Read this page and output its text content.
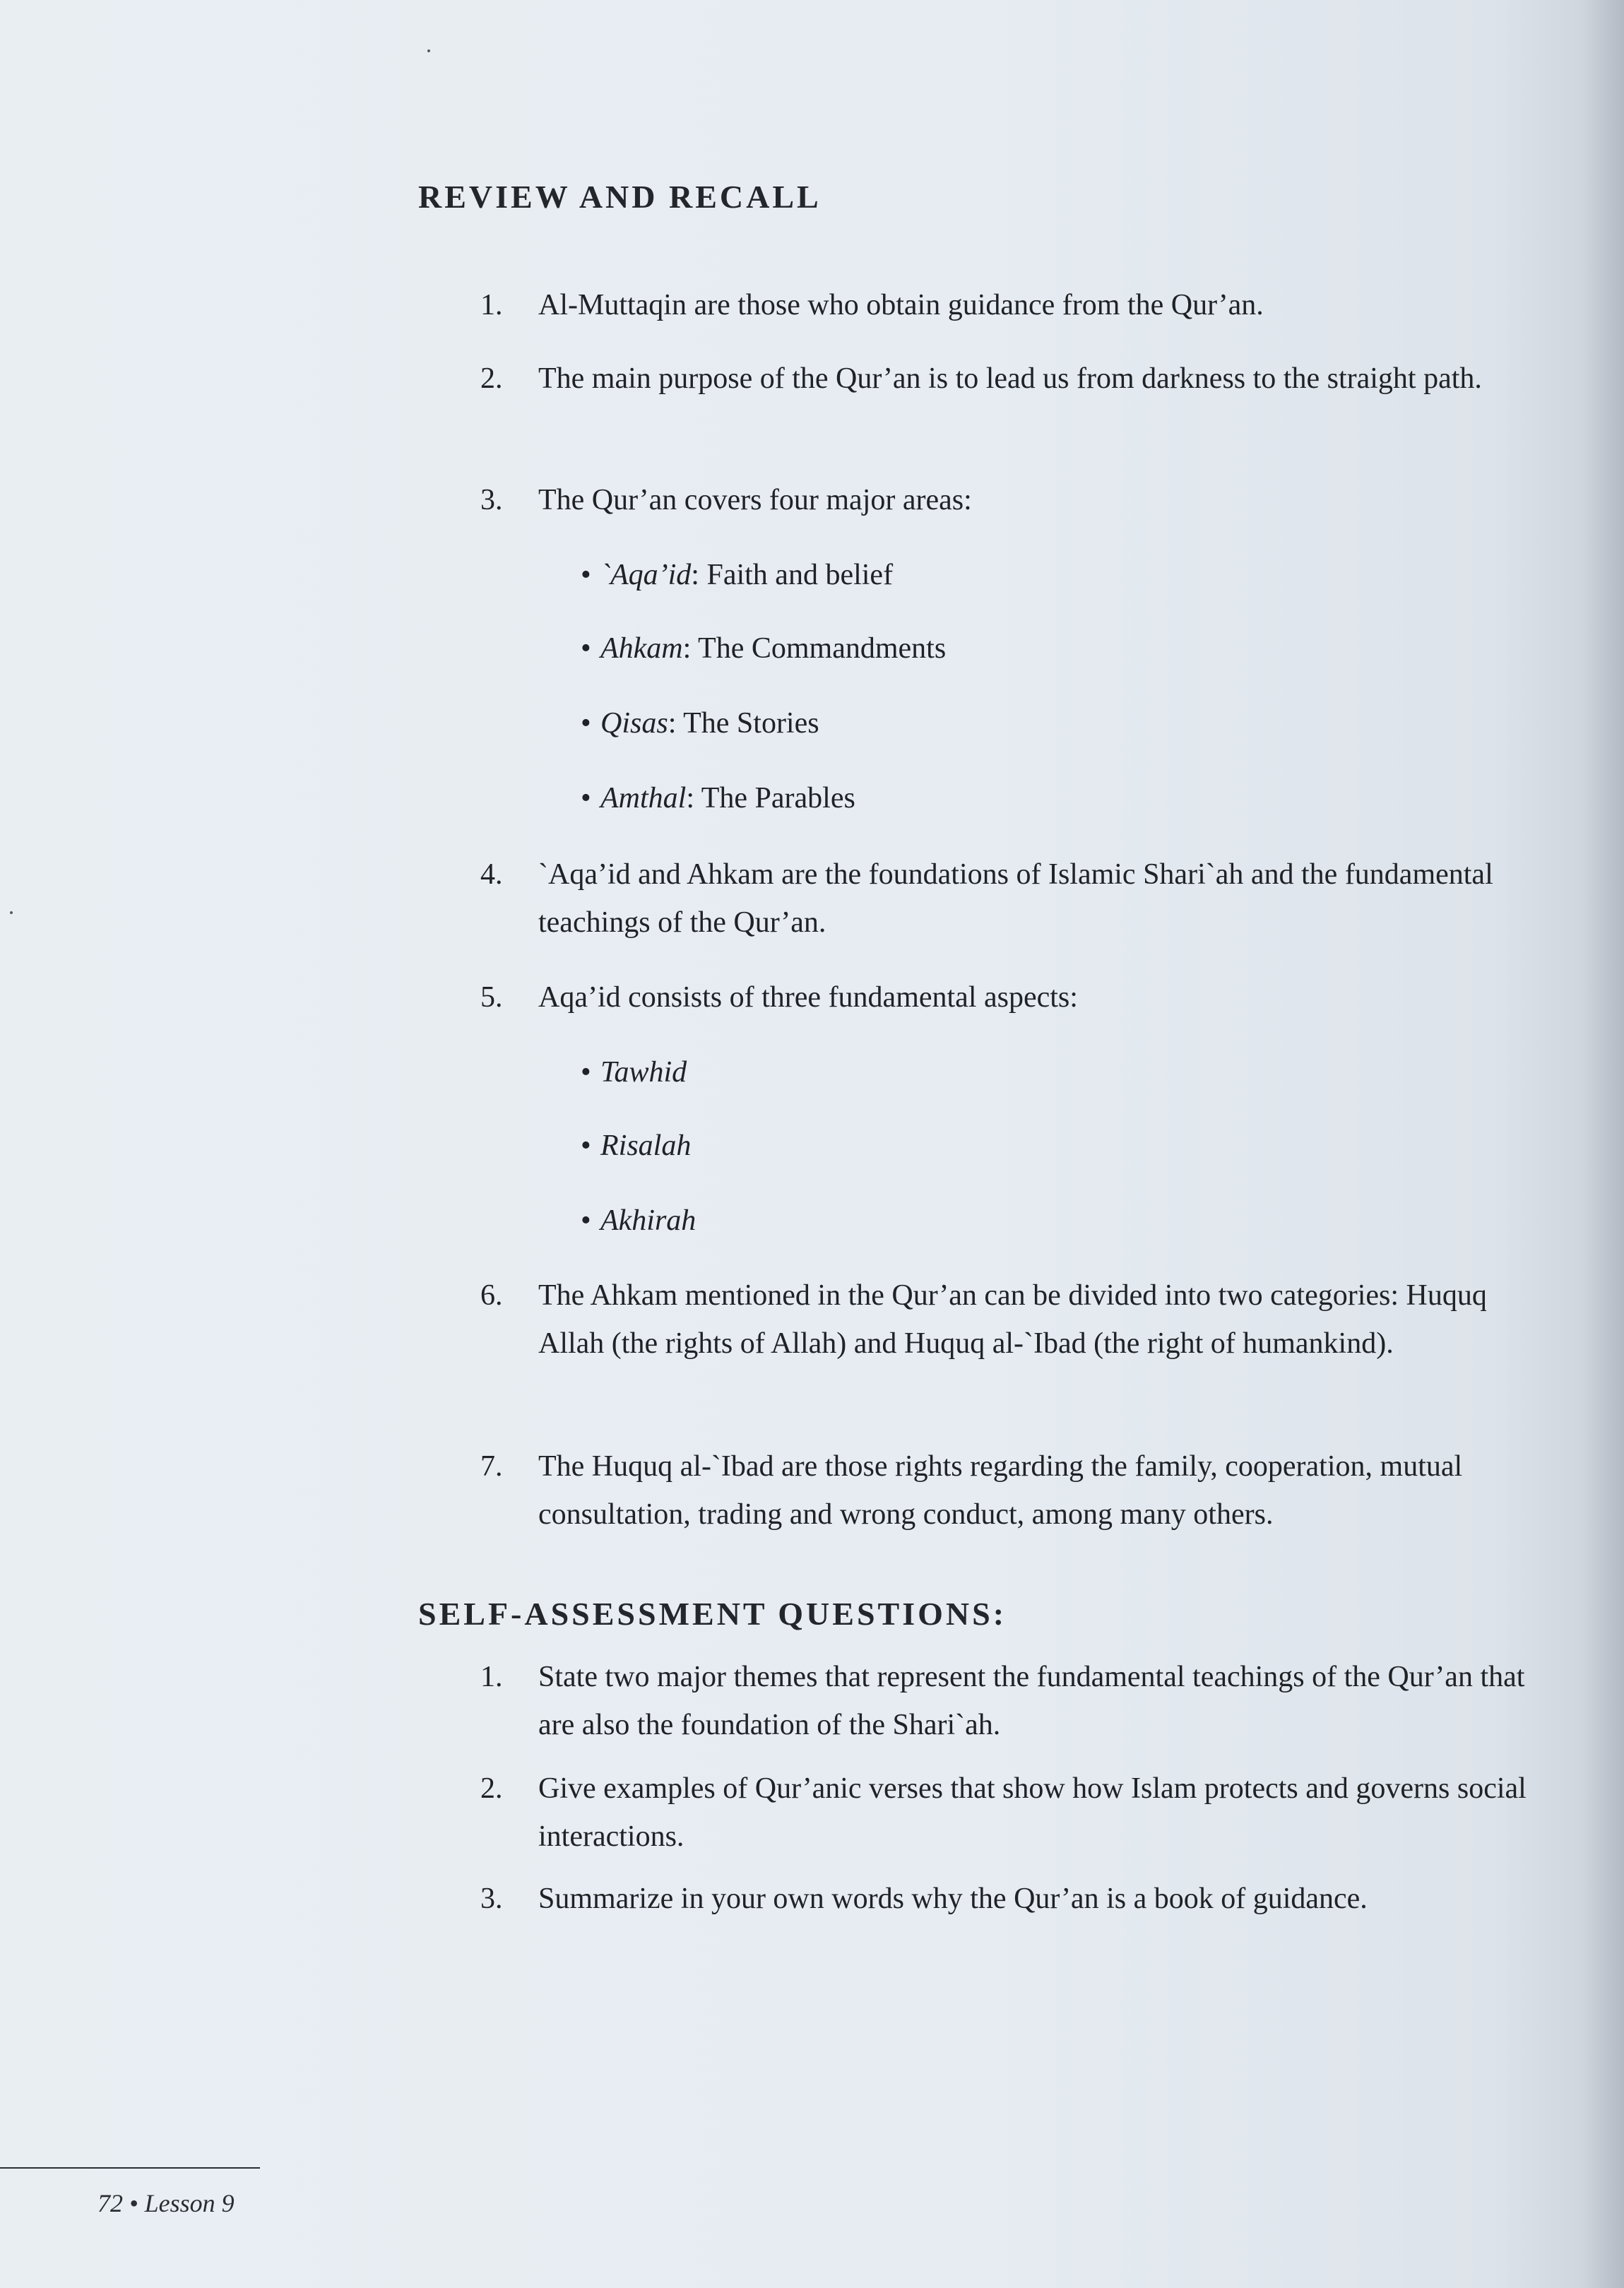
REVIEW AND RECALL
1.	Al-Muttaqin are those who obtain guidance from the Qur’an.
2.	The main purpose of the Qur’an is to lead us from darkness to the straight path.
3.	The Qur’an covers four major areas:
• `Aqa’id: Faith and belief
• Ahkam: The Commandments
• Qisas: The Stories
• Amthal: The Parables
4.	`Aqa’id and Ahkam are the foundations of Islamic Shari`ah and the fundamental teachings of the Qur’an.
5.	Aqa’id consists of three fundamental aspects:
• Tawhid
• Risalah
• Akhirah
6.	The Ahkam mentioned in the Qur’an can be divided into two categories: Huquq Allah (the rights of Allah) and Huquq al-`Ibad (the right of humankind).
7.	The Huquq al-`Ibad are those rights regarding the family, cooperation, mutual consultation, trading and wrong conduct, among many others.
SELF-ASSESSMENT QUESTIONS:
1.	State two major themes that represent the fundamental teachings of the Qur’an that are also the foundation of the Shari`ah.
2.	Give examples of Qur’anic verses that show how Islam protects and governs social interactions.
3.	Summarize in your own words why the Qur’an is a book of guidance.
72 • Lesson 9
